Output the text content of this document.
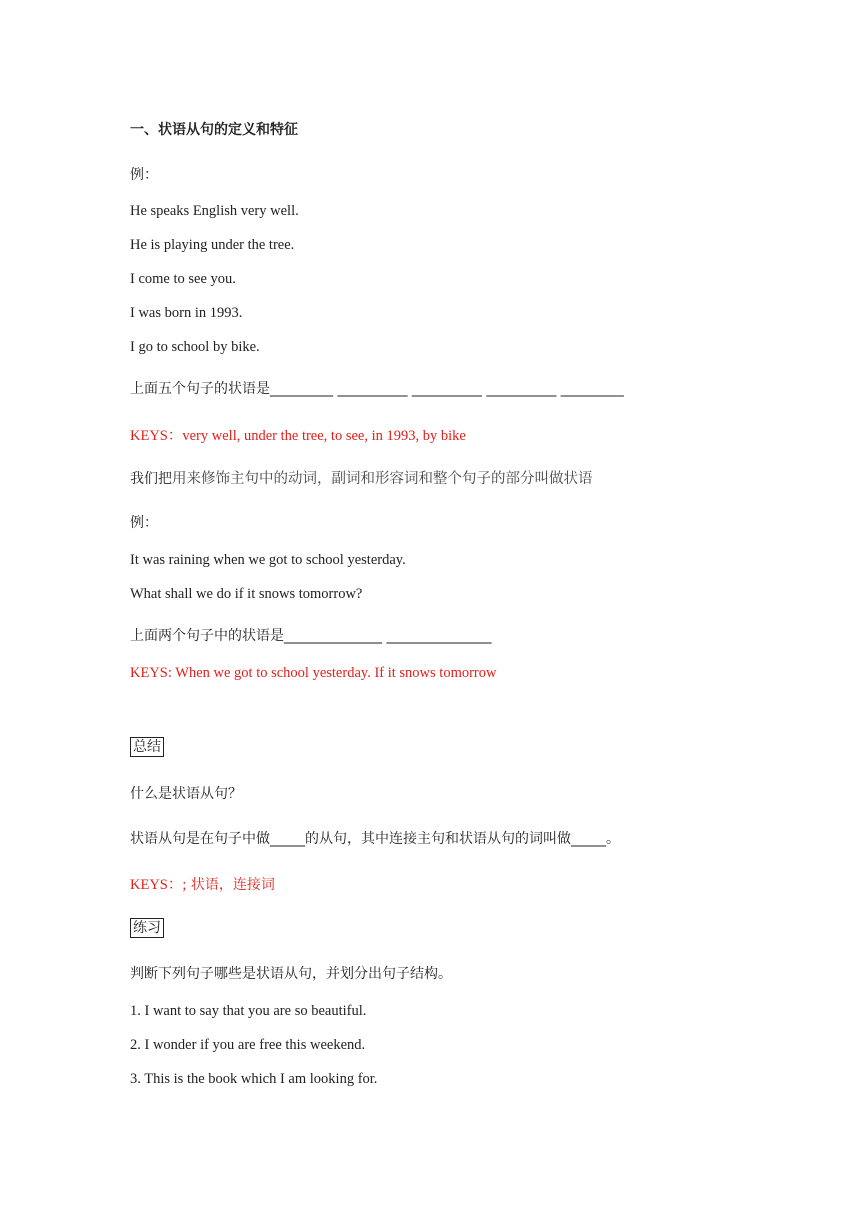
一、状语从句的定义和特征
例：
He speaks English very well.
He is playing under the tree.
I come to see you.
I was born in 1993.
I go to school by bike.
上面五个句子的状语是_________ __________ __________ __________ _________
KEYS：very well, under the tree, to see, in 1993, by bike
我们把用来修饰主句中的动词，副词和形容词和整个句子的部分叫做状语
例：
It was raining when we got to school yesterday.
What shall we do if it snows tomorrow?
上面两个句子中的状语是______________ _______________
KEYS: When we got to school yesterday. If it snows tomorrow
总结
什么是状语从句？
状语从句是在句子中做_____的从句，其中连接主句和状语从句的词叫做_____。
KEYS：; 状语，连接词
练习
判断下列句子哪些是状语从句，并划分出句子结构。
1. I want to say that you are so beautiful.
2. I wonder if you are free this weekend.
3. This is the book which I am looking for.
